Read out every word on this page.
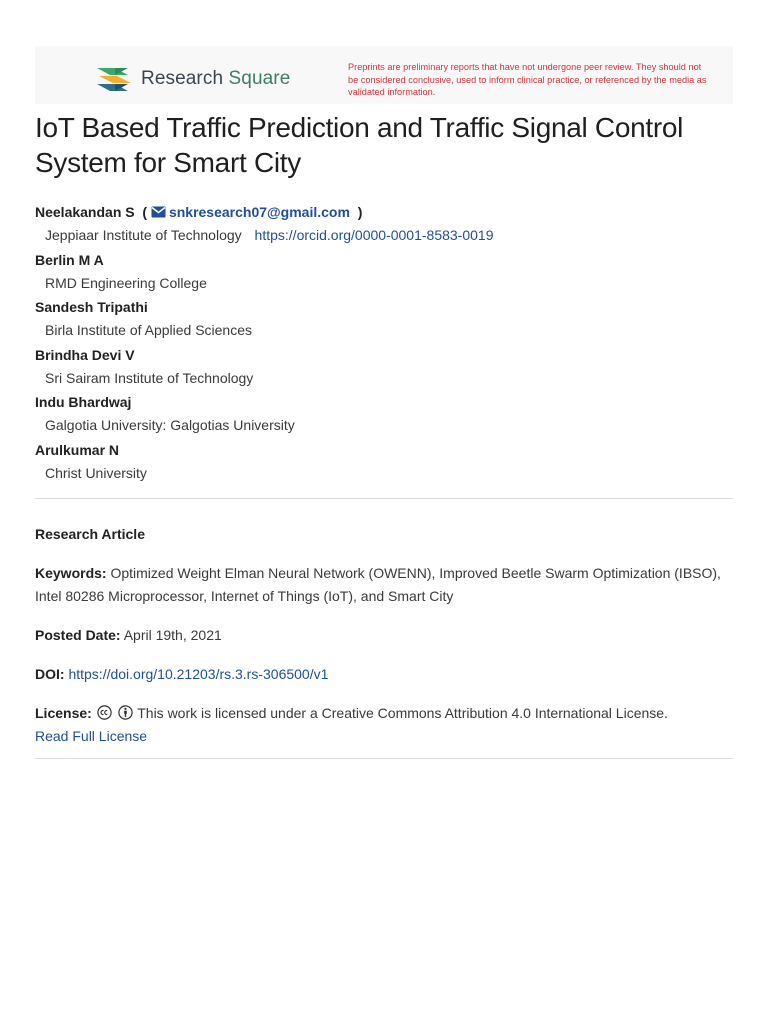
Research Square
Preprints are preliminary reports that have not undergone peer review. They should not be considered conclusive, used to inform clinical practice, or referenced by the media as validated information.
IoT Based Traffic Prediction and Traffic Signal Control System for Smart City
Neelakandan S  ( snkresearch07@gmail.com  )
Jeppiaar Institute of Technology https://orcid.org/0000-0001-8583-0019
Berlin M A
RMD Engineering College
Sandesh Tripathi
Birla Institute of Applied Sciences
Brindha Devi V
Sri Sairam Institute of Technology
Indu Bhardwaj
Galgotia University: Galgotias University
Arulkumar N
Christ University
Research Article
Keywords: Optimized Weight Elman Neural Network (OWENN), Improved Beetle Swarm Optimization (IBSO), Intel 80286 Microprocessor, Internet of Things (IoT), and Smart City
Posted Date: April 19th, 2021
DOI: https://doi.org/10.21203/rs.3.rs-306500/v1
License:	This work is licensed under a Creative Commons Attribution 4.0 International License.
Read Full License
